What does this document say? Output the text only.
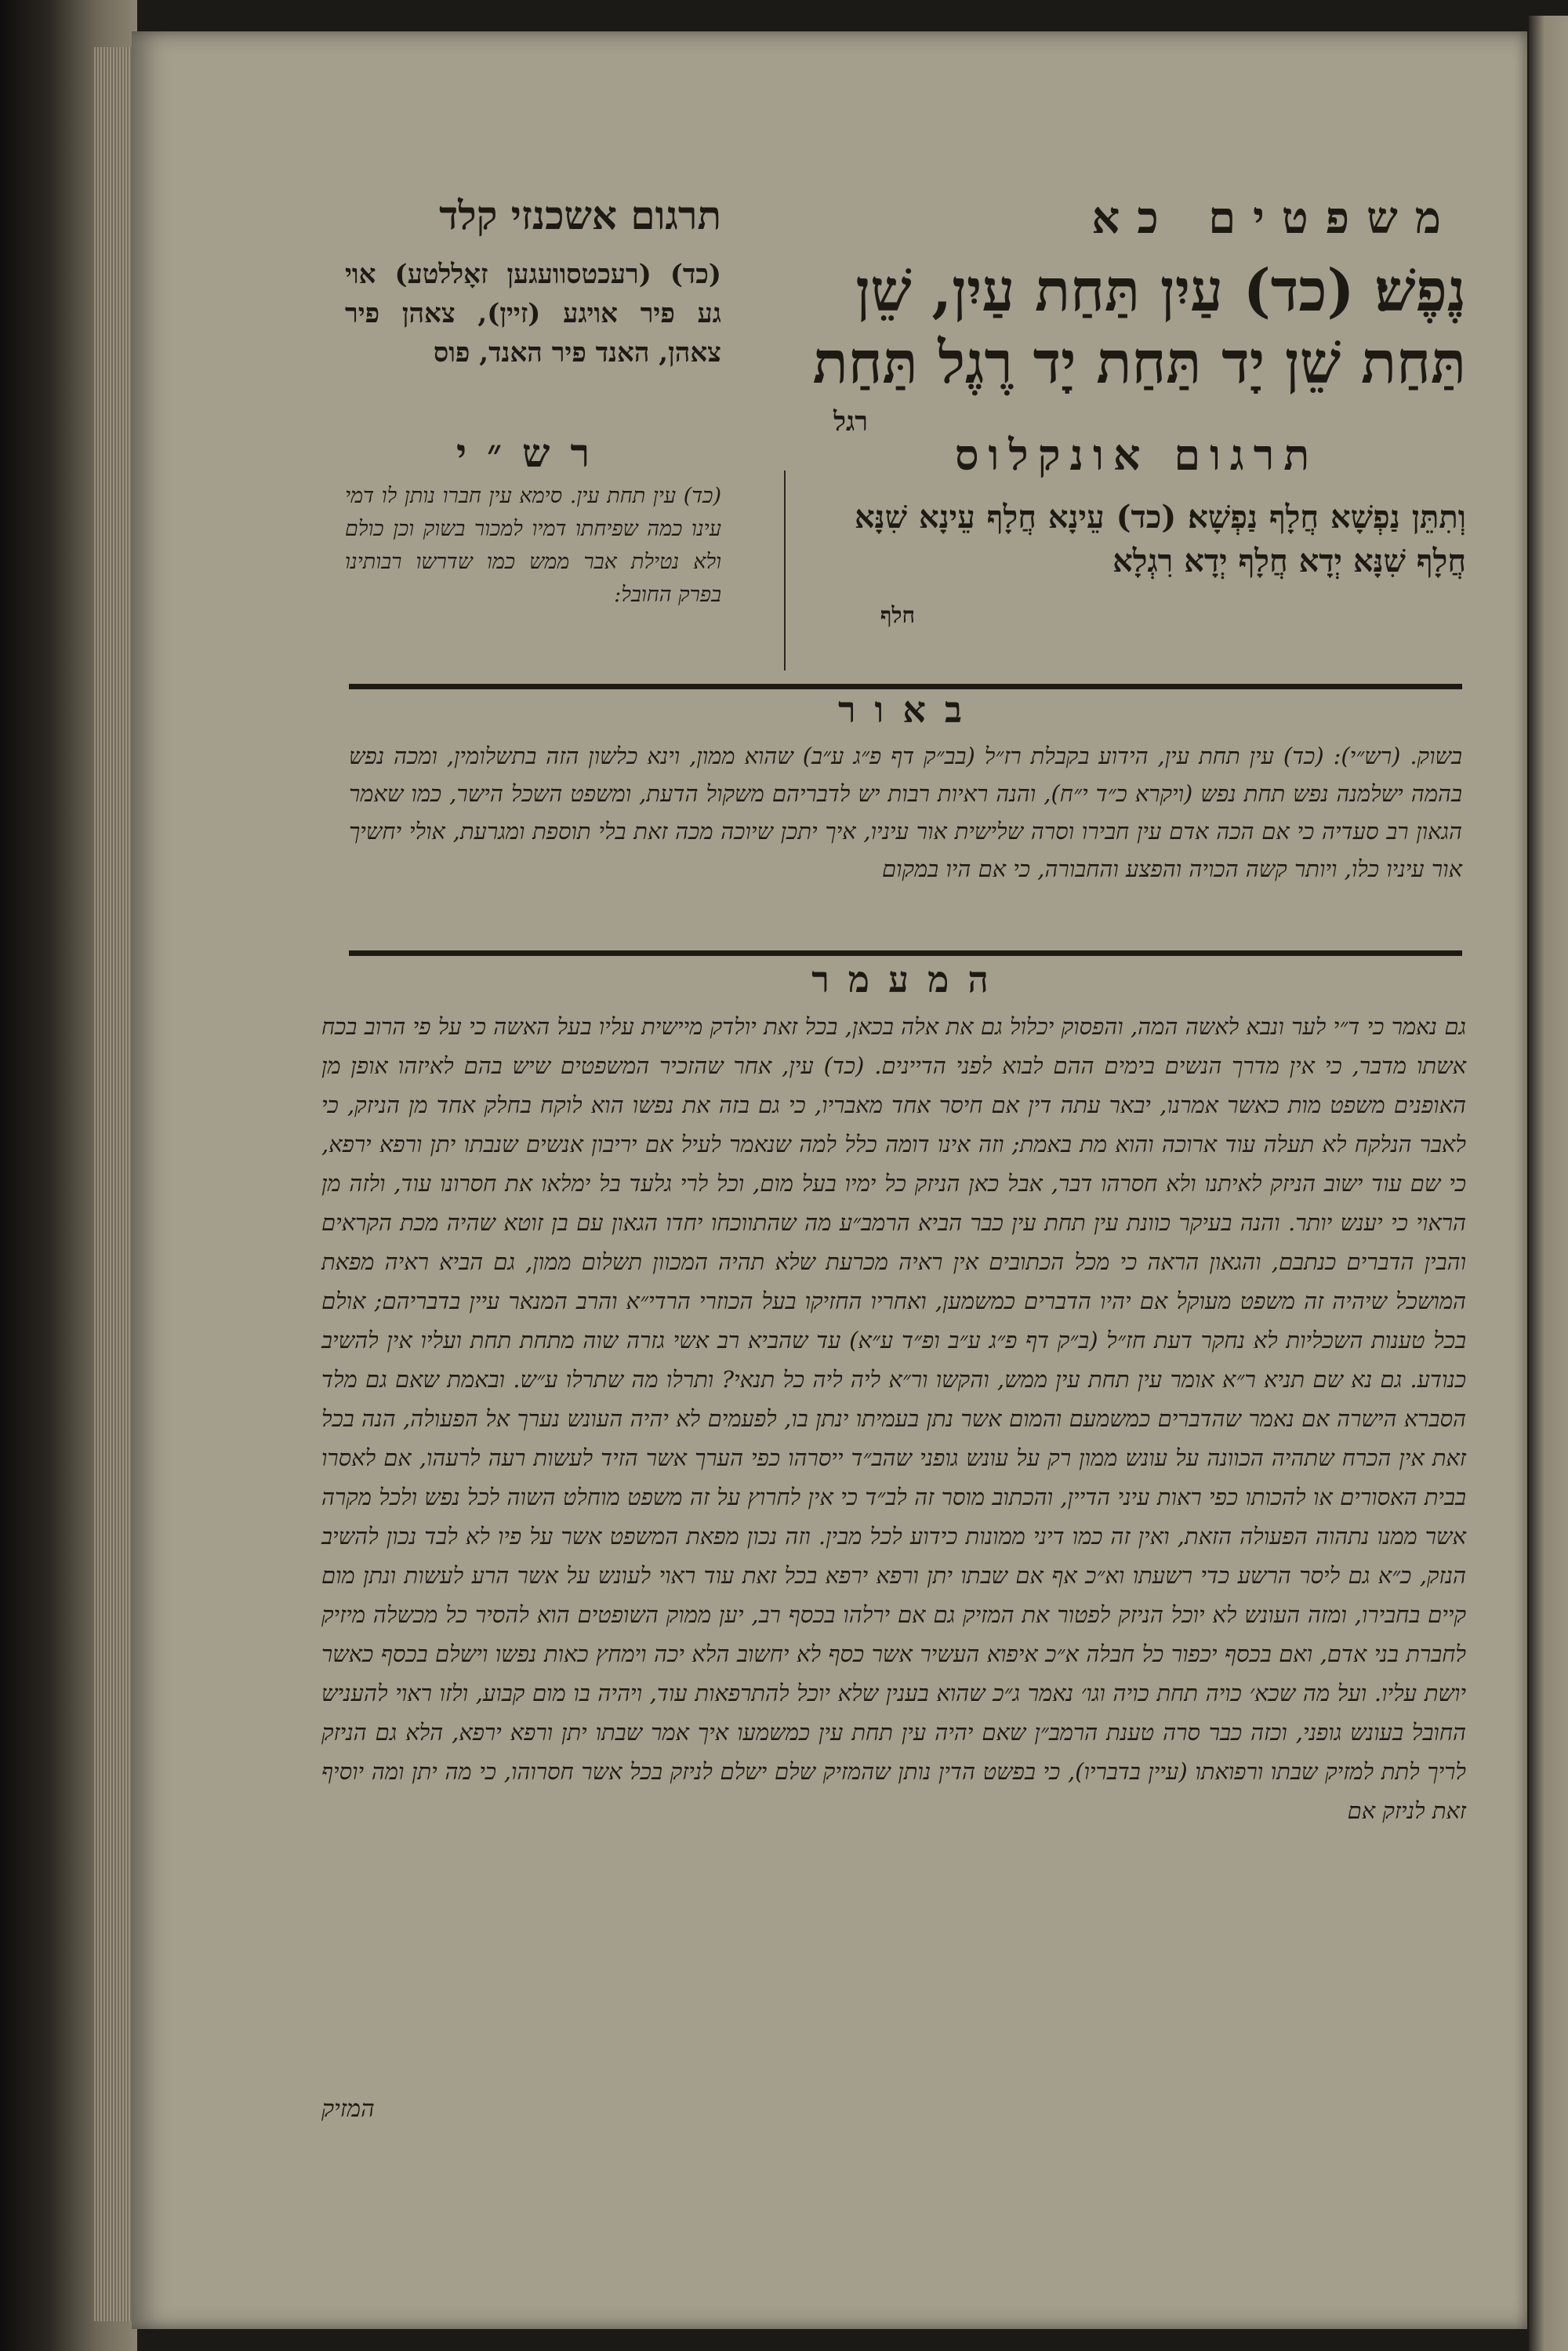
משפטים כא
תרגום אשכנזי קלד
נֶפֶשׁ׃ (כד) עַיִן תַּחַת עַיִן, שֵׁן תַּחַת שֵׁן יָד תַּחַת יָד רֶגֶל תַּחַת
רגל
(כד) (רעכטסוועגען זאָללטע) אוי גע פיר אויגע (זיין), צאהן פיר צאהן, האנד פיר האנד, פוס
רש״י
(כד) עין תחת עין. סימא עין חברו נותן לו דמי עינו כמה שפיחתו דמיו למכור בשוק וכן כולם ולא נטילת אבר ממש כמו שדרשו רבותינו בפרק החובל:
תרגום אונקלוס
וְתִתֵּן נַפְשָׁא חֲלָף נַפְשָׁא׃ (כד) עֵינָא חֲלָף עֵינָא שִׁנָּא חֲלָף שִׁנָּא יְדָא חֲלָף יְדָא רִגְלָא
חלף
באור
בשוק. (רש״י): (כד) עין תחת עין, הידוע בקבלת רז״ל (בב״ק דף פ״ג ע״ב) שהוא ממון, וינא כלשון הזה בתשלומין, ומכה נפש בהמה ישלמנה נפש תחת נפש (ויקרא כ״ד י״ח), והנה ראיות רבות יש לדבריהם משקול הדעת, ומשפט השכל הישר, כמו שאמר הגאון רב סעדיה כי אם הכה אדם עין חבירו וסרה שלישית אור עיניו, איך יתכן שיוכה מכה זאת בלי תוספת ומגרעת, אולי יחשיך אור עיניו כלו, ויותר קשה הכויה והפצע והחבורה, כי אם היו במקום
המעמר
גם נאמר כי ד״י לער ונבא לאשה המה, והפסוק יכלול גם את אלה בכאן, בכל זאת יולדק מיישית עליו בעל האשה כי על פי הרוב בכח אשתו מדבר, כי אין מדרך הנשים בימים ההם לבוא לפני הדיינים. (כד) עין, אחר שהזכיר המשפטים שיש בהם לאיזהו אופן מן האופנים משפט מות כאשר אמרנו, יבאר עתה דין אם חיסר אחד מאבריו, כי גם בזה את נפשו הוא לוקח בחלק אחד מן הניזק, כי לאבר הנלקח לא תעלה עוד ארוכה והוא מת באמת; וזה אינו דומה כלל למה שנאמר לעיל אם יריבון אנשים שנבתו יתן ורפא ירפא, כי שם עוד ישוב הניזק לאיתנו ולא חסרהו דבר, אבל כאן הניזק כל ימיו בעל מום, וכל לרי גלעד בל ימלאו את חסרונו עוד, ולזה מן הראוי כי יענש יותר. והנה בעיקר כוונת עין תחת עין כבר הביא הרמב״ע מה שהתווכחו יחדו הגאון עם בן זוטא שהיה מכת הקראים והבין הדברים כנתבם, והגאון הראה כי מכל הכתובים אין ראיה מכרעת שלא תהיה המכוון תשלום ממון, גם הביא ראיה מפאת המושכל שיהיה זה משפט מעוקל אם יהיו הדברים כמשמען, ואחריו החזיקו בעל הכוזרי הרדי״א והרב המנאר עיין בדבריהם; אולם בכל טענות השכליות לא נחקר דעת חז״ל (ב״ק דף פ״ג ע״ב ופ״ד ע״א) עד שהביא רב אשי גזרה שוה מתחת תחת ועליו אין להשיב כנודע. גם נא שם תניא ר״א אומר עין תחת עין ממש, והקשו ור״א ליה ליה כל תנאי? ותרלו מה שתרלו ע״ש. ובאמת שאם גם מלד הסברא הישרה אם נאמר שהדברים כמשמעם והמום אשר נתן בעמיתו ינתן בו, לפעמים לא יהיה העונש נערך אל הפעולה, הנה בכל זאת אין הכרח שתהיה הכוונה על עונש ממון רק על עונש גופני שהב״ד ייסרהו כפי הערך אשר הזיד לעשות רעה לרעהו, אם לאסרו בבית האסורים או להכותו כפי ראות עיני הדיין, והכתוב מוסר זה לב״ד כי אין לחרוץ על זה משפט מוחלט השוה לכל נפש ולכל מקרה אשר ממנו נתהוה הפעולה הזאת, ואין זה כמו דיני ממונות כידוע לכל מבין. וזה נכון מפאת המשפט אשר על פיו לא לבד נכון להשיב הנזק, כ״א גם ליסר הרשע כדי רשעתו וא״כ אף אם שבתו יתן ורפא ירפא בכל זאת עוד ראוי לעונש על אשר הרע לעשות ונתן מום קיים בחבירו, ומזה העונש לא יוכל הניזק לפטור את המזיק גם אם ירלהו בכסף רב, יען ממוק השופטים הוא להסיר כל מכשלה מיזיק לחברת בני אדם, ואם בכסף יכפור כל חבלה א״כ איפוא העשיר אשר כסף לא יחשוב הלא יכה וימחץ כאות נפשו וישלם בכסף כאשר יושת עליו. ועל מה שכא׳ כויה תחת כויה וגו׳ נאמר ג״כ שהוא בענין שלא יוכל להתרפאות עוד, ויהיה בו מום קבוע, ולזו ראוי להעניש החובל בעונש גופני, וכזה כבר סרה טענת הרמב״ן שאם יהיה עין תחת עין כמשמעו איך אמר שבתו יתן ורפא ירפא, הלא גם הניזק לריך לתת למזיק שבתו ורפואתו (עיין בדבריו), כי בפשט הדין נותן שהמזיק שלם ישלם לניזק בכל אשר חסרוהו, כי מה יתן ומה יוסיף זאת לניזק אם
המזיק
